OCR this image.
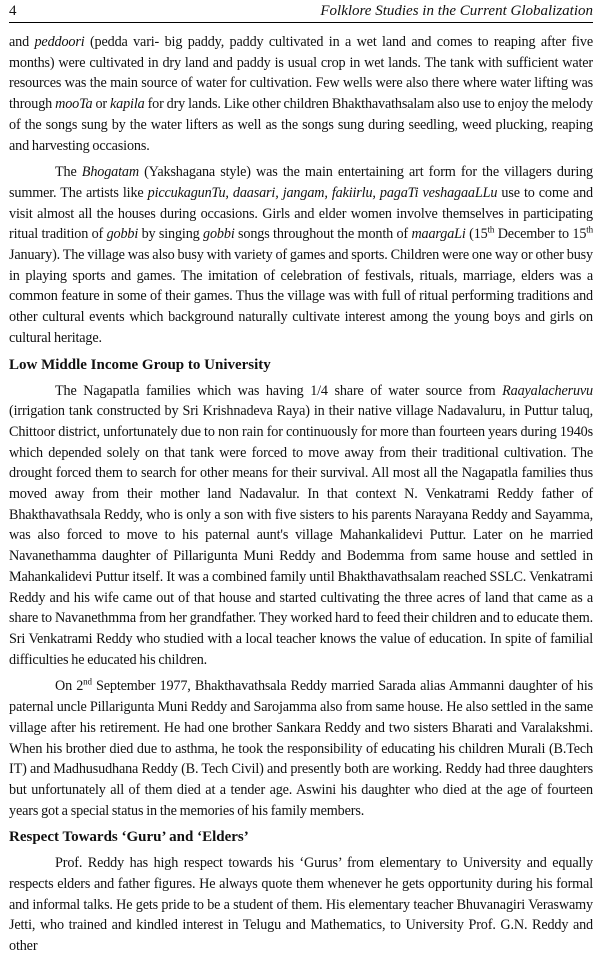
4	Folklore Studies in the Current Globalization

and peddoori (pedda vari- big paddy, paddy cultivated in a wet land and comes to reaping after five months) were cultivated in dry land and paddy is usual crop in wet lands. The tank with sufficient water resources was the main source of water for cultivation. Few wells were also there where water lifting was through mooTa or kapila for dry lands. Like other children Bhakthavathsalam also use to enjoy the melody of the songs sung by the water lifters as well as the songs sung during seedling, weed plucking, reaping and harvesting occasions.

The Bhogatam (Yakshagana style) was the main entertaining art form for the villagers during summer. The artists like piccukagunTu, daasari, jangam, fakiirlu, pagaTi veshagaaLLu use to come and visit almost all the houses during occasions. Girls and elder women involve themselves in participating ritual tradition of gobbi by singing gobbi songs throughout the month of maargaLi (15th December to 15th January). The village was also busy with variety of games and sports. Children were one way or other busy in playing sports and games. The imitation of celebration of festivals, rituals, marriage, elders was a common feature in some of their games. Thus the village was with full of ritual performing traditions and other cultural events which background naturally cultivate interest among the young boys and girls on cultural heritage.

Low Middle Income Group to University

The Nagapatla families which was having 1/4 share of water source from Raayalacheruvu (irrigation tank constructed by Sri Krishnadeva Raya) in their native village Nadavaluru, in Puttur taluq, Chittoor district, unfortunately due to non rain for continuously for more than fourteen years during 1940s which depended solely on that tank were forced to move away from their traditional cultivation. The drought forced them to search for other means for their survival. All most all the Nagapatla families thus moved away from their mother land Nadavalur. In that context N. Venkatrami Reddy father of Bhakthavathsala Reddy, who is only a son with five sisters to his parents Narayana Reddy and Sayamma, was also forced to move to his paternal aunt's village Mahankalidevi Puttur. Later on he married Navanethamma daughter of Pillarigunta Muni Reddy and Bodemma from same house and settled in Mahankalidevi Puttur itself. It was a combined family until Bhakthavathsalam reached SSLC. Venkatrami Reddy and his wife came out of that house and started cultivating the three acres of land that came as a share to Navanethmma from her grandfather. They worked hard to feed their children and to educate them. Sri Venkatrami Reddy who studied with a local teacher knows the value of education. In spite of familial difficulties he educated his children.

On 2nd September 1977, Bhakthavathsala Reddy married Sarada alias Ammanni daughter of his paternal uncle Pillarigunta Muni Reddy and Sarojamma also from same house. He also settled in the same village after his retirement. He had one brother Sankara Reddy and two sisters Bharati and Varalakshmi. When his brother died due to asthma, he took the responsibility of educating his children Murali (B.Tech IT) and Madhusudhana Reddy (B. Tech Civil) and presently both are working. Reddy had three daughters but unfortunately all of them died at a tender age. Aswini his daughter who died at the age of fourteen years got a special status in the memories of his family members.

Respect Towards ‘Guru’ and ‘Elders’

Prof. Reddy has high respect towards his ‘Gurus’ from elementary to University and equally respects elders and father figures. He always quote them whenever he gets opportunity during his formal and informal talks. He gets pride to be a student of them. His elementary teacher Bhuvanagiri Veraswamy Jetti, who trained and kindled interest in Telugu and Mathematics, to University Prof. G.N. Reddy and other
